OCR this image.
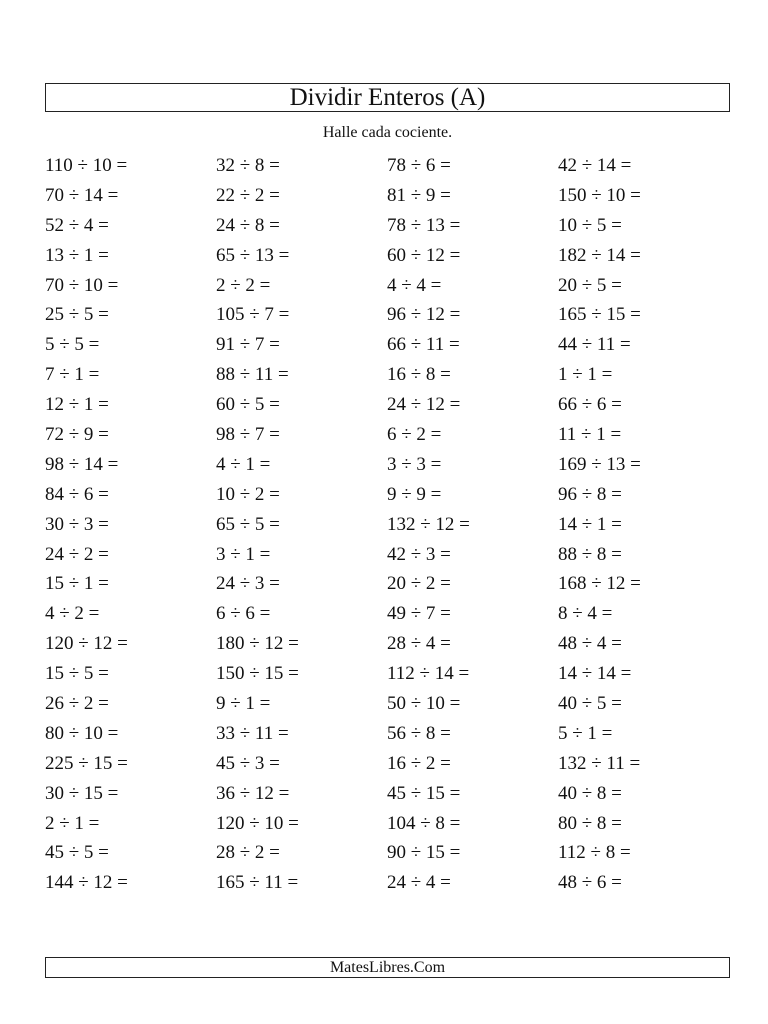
Dividir Enteros (A)
Halle cada cociente.
110 ÷ 10 =	32 ÷ 8 =	78 ÷ 6 =	42 ÷ 14 =
70 ÷ 14 =	22 ÷ 2 =	81 ÷ 9 =	150 ÷ 10 =
52 ÷ 4 =	24 ÷ 8 =	78 ÷ 13 =	10 ÷ 5 =
13 ÷ 1 =	65 ÷ 13 =	60 ÷ 12 =	182 ÷ 14 =
70 ÷ 10 =	2 ÷ 2 =	4 ÷ 4 =	20 ÷ 5 =
25 ÷ 5 =	105 ÷ 7 =	96 ÷ 12 =	165 ÷ 15 =
5 ÷ 5 =	91 ÷ 7 =	66 ÷ 11 =	44 ÷ 11 =
7 ÷ 1 =	88 ÷ 11 =	16 ÷ 8 =	1 ÷ 1 =
12 ÷ 1 =	60 ÷ 5 =	24 ÷ 12 =	66 ÷ 6 =
72 ÷ 9 =	98 ÷ 7 =	6 ÷ 2 =	11 ÷ 1 =
98 ÷ 14 =	4 ÷ 1 =	3 ÷ 3 =	169 ÷ 13 =
84 ÷ 6 =	10 ÷ 2 =	9 ÷ 9 =	96 ÷ 8 =
30 ÷ 3 =	65 ÷ 5 =	132 ÷ 12 =	14 ÷ 1 =
24 ÷ 2 =	3 ÷ 1 =	42 ÷ 3 =	88 ÷ 8 =
15 ÷ 1 =	24 ÷ 3 =	20 ÷ 2 =	168 ÷ 12 =
4 ÷ 2 =	6 ÷ 6 =	49 ÷ 7 =	8 ÷ 4 =
120 ÷ 12 =	180 ÷ 12 =	28 ÷ 4 =	48 ÷ 4 =
15 ÷ 5 =	150 ÷ 15 =	112 ÷ 14 =	14 ÷ 14 =
26 ÷ 2 =	9 ÷ 1 =	50 ÷ 10 =	40 ÷ 5 =
80 ÷ 10 =	33 ÷ 11 =	56 ÷ 8 =	5 ÷ 1 =
225 ÷ 15 =	45 ÷ 3 =	16 ÷ 2 =	132 ÷ 11 =
30 ÷ 15 =	36 ÷ 12 =	45 ÷ 15 =	40 ÷ 8 =
2 ÷ 1 =	120 ÷ 10 =	104 ÷ 8 =	80 ÷ 8 =
45 ÷ 5 =	28 ÷ 2 =	90 ÷ 15 =	112 ÷ 8 =
144 ÷ 12 =	165 ÷ 11 =	24 ÷ 4 =	48 ÷ 6 =
MatesLibres.Com
